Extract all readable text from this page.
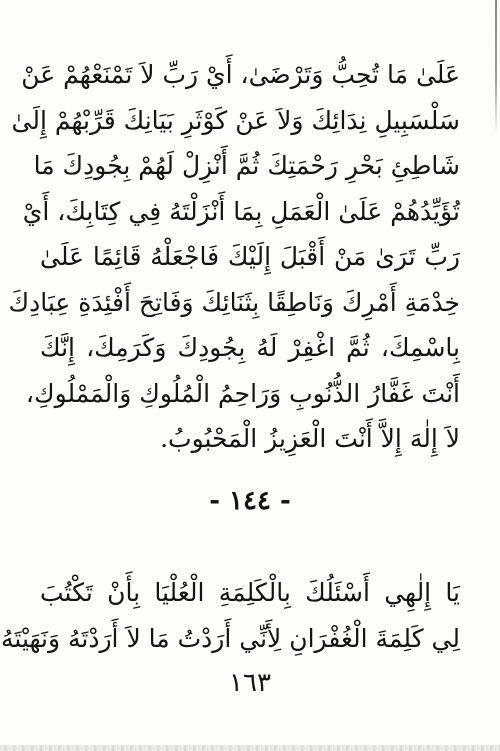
عَلَىٰ مَا تُحِبُّ وَتَرْضَىٰ، أَيْ رَبِّ لاَ تَمْنَعْهُمْ عَنْ
سَلْسَبِيلِ نِدَائِكَ وَلاَ عَنْ كَوْثَرِ بَيَانِكَ قَرِّبْهُمْ إِلَىٰ
شَاطِئِ بَحْرِ رَحْمَتِكَ ثُمَّ أَنْزِلْ لَهُمْ بِجُودِكَ مَا
تُؤَيِّدُهُمْ عَلَىٰ الْعَمَلِ بِمَا أَنْزَلْتَهُ فِي كِتَابِكَ، أَيْ
رَبِّ تَرَىٰ مَنْ أَقْبَلَ إِلَيْكَ فَاجْعَلْهُ قَائِمًا عَلَىٰ
خِدْمَةِ أَمْرِكَ وَنَاطِقًا بِثَنَائِكَ وَفَاتِحَ أَفْئِدَةِ عِبَادِكَ
بِاسْمِكَ، ثُمَّ اغْفِرْ لَهُ بِجُودِكَ وَكَرَمِكَ، إِنَّكَ
أَنْتَ غَفَّارُ الذُّنُوبِ وَرَاحِمُ الْمُلُوكِ وَالْمَمْلُوكِ،
لاَ إِلٰهَ إِلاَّ أَنْتَ الْعَزِيزُ الْمَحْبُوبُ.
- ١٤٤ -
يَا إِلٰهِي أَسْئَلُكَ بِالْكَلِمَةِ الْعُلْيَا بِأَنْ تَكْتُبَ
لِي كَلِمَةَ الْغُفْرَانِ لِأَنِّي أَرَدْتُ مَا لاَ أَرَدْتَهُ وَنَهَيْتَهُ
١٦٣
